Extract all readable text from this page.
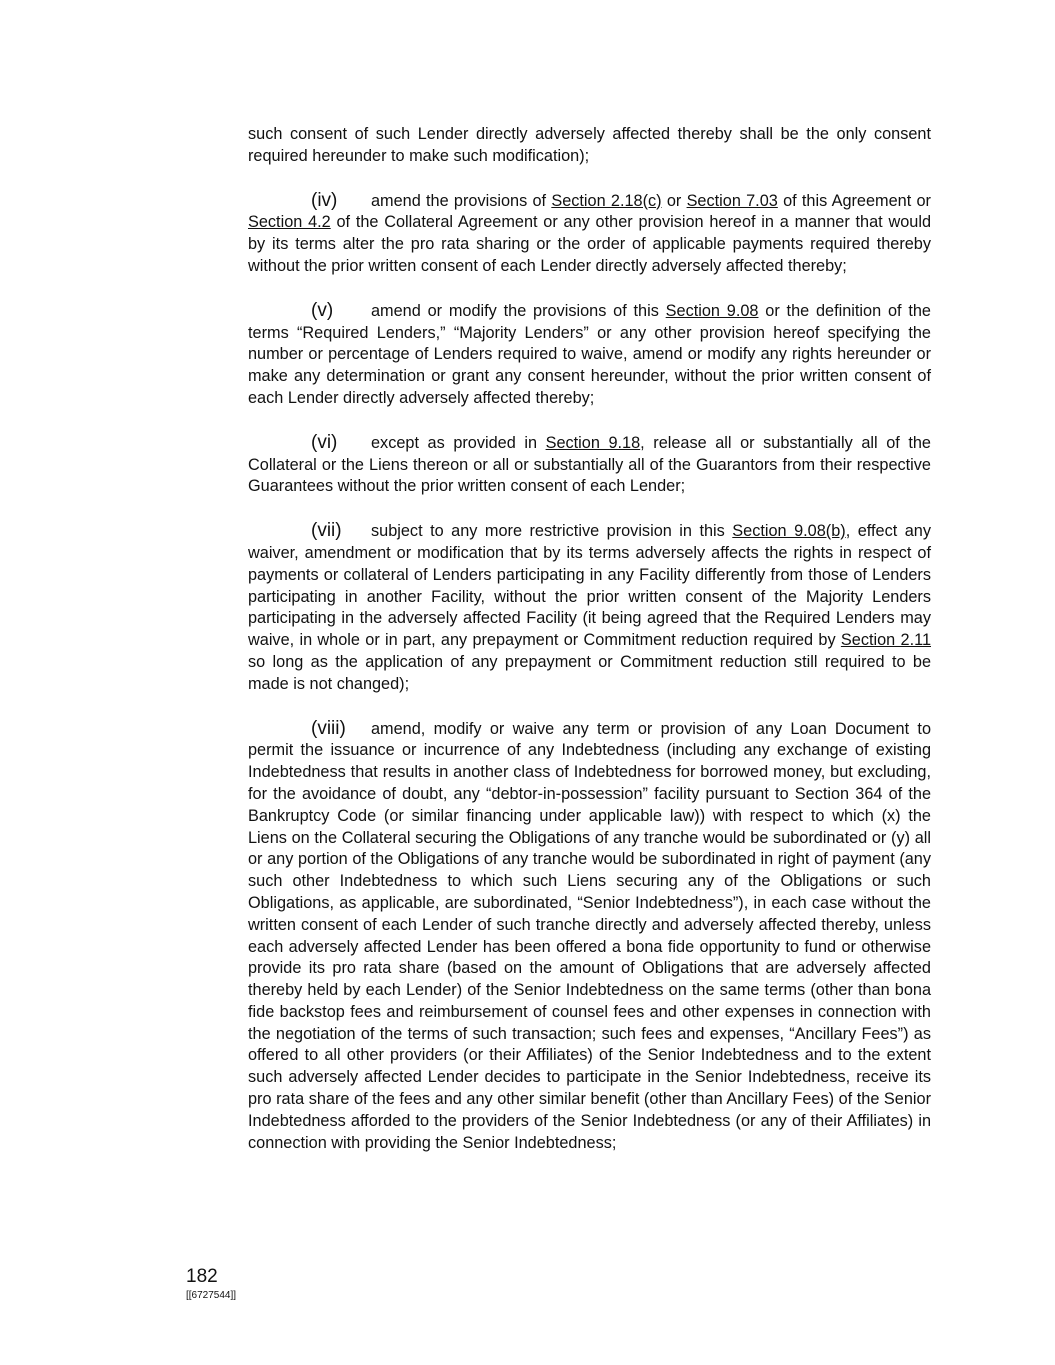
such consent of such Lender directly adversely affected thereby shall be the only consent required hereunder to make such modification);

(iv) amend the provisions of Section 2.18(c) or Section 7.03 of this Agreement or Section 4.2 of the Collateral Agreement or any other provision hereof in a manner that would by its terms alter the pro rata sharing or the order of applicable payments required thereby without the prior written consent of each Lender directly adversely affected thereby;

(v) amend or modify the provisions of this Section 9.08 or the definition of the terms “Required Lenders,” “Majority Lenders” or any other provision hereof specifying the number or percentage of Lenders required to waive, amend or modify any rights hereunder or make any determination or grant any consent hereunder, without the prior written consent of each Lender directly adversely affected thereby;

(vi) except as provided in Section 9.18, release all or substantially all of the Collateral or the Liens thereon or all or substantially all of the Guarantors from their respective Guarantees without the prior written consent of each Lender;

(vii) subject to any more restrictive provision in this Section 9.08(b), effect any waiver, amendment or modification that by its terms adversely affects the rights in respect of payments or collateral of Lenders participating in any Facility differently from those of Lenders participating in another Facility, without the prior written consent of the Majority Lenders participating in the adversely affected Facility (it being agreed that the Required Lenders may waive, in whole or in part, any prepayment or Commitment reduction required by Section 2.11 so long as the application of any prepayment or Commitment reduction still required to be made is not changed);

(viii) amend, modify or waive any term or provision of any Loan Document to permit the issuance or incurrence of any Indebtedness (including any exchange of existing Indebtedness that results in another class of Indebtedness for borrowed money, but excluding, for the avoidance of doubt, any “debtor-in-possession” facility pursuant to Section 364 of the Bankruptcy Code (or similar financing under applicable law)) with respect to which (x) the Liens on the Collateral securing the Obligations of any tranche would be subordinated or (y) all or any portion of the Obligations of any tranche would be subordinated in right of payment (any such other Indebtedness to which such Liens securing any of the Obligations or such Obligations, as applicable, are subordinated, “Senior Indebtedness”), in each case without the written consent of each Lender of such tranche directly and adversely affected thereby, unless each adversely affected Lender has been offered a bona fide opportunity to fund or otherwise provide its pro rata share (based on the amount of Obligations that are adversely affected thereby held by each Lender) of the Senior Indebtedness on the same terms (other than bona fide backstop fees and reimbursement of counsel fees and other expenses in connection with the negotiation of the terms of such transaction; such fees and expenses, “Ancillary Fees”) as offered to all other providers (or their Affiliates) of the Senior Indebtedness and to the extent such adversely affected Lender decides to participate in the Senior Indebtedness, receive its pro rata share of the fees and any other similar benefit (other than Ancillary Fees) of the Senior Indebtedness afforded to the providers of the Senior Indebtedness (or any of their Affiliates) in connection with providing the Senior Indebtedness;

182
[[6727544]]
